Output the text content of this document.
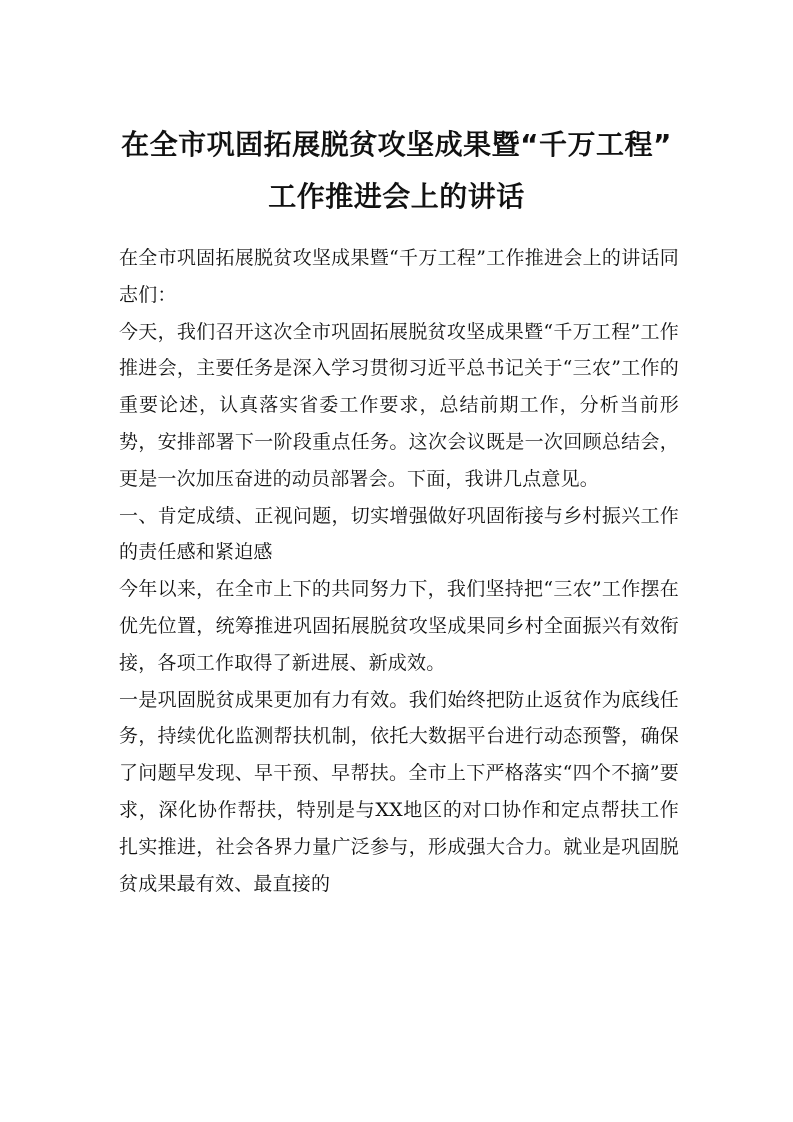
在全市巩固拓展脱贫攻坚成果暨“千万工程”
工作推进会上的讲话

在全市巩固拓展脱贫攻坚成果暨“千万工程”工作推进会上的讲话同志们：

今天，我们召开这次全市巩固拓展脱贫攻坚成果暨“千万工程”工作推进会，主要任务是深入学习贯彻习近平总书记关于“三农”工作的重要论述，认真落实省委工作要求，总结前期工作，分析当前形势，安排部署下一阶段重点任务。这次会议既是一次回顾总结会，更是一次加压奋进的动员部署会。下面，我讲几点意见。

一、肯定成绩、正视问题，切实增强做好巩固衔接与乡村振兴工作的责任感和紧迫感

今年以来，在全市上下的共同努力下，我们坚持把“三农”工作摆在优先位置，统筹推进巩固拓展脱贫攻坚成果同乡村全面振兴有效衔接，各项工作取得了新进展、新成效。

一是巩固脱贫成果更加有力有效。我们始终把防止返贫作为底线任务，持续优化监测帮扶机制，依托大数据平台进行动态预警，确保了问题早发现、早干预、早帮扶。全市上下严格落实“四个不摘”要求，深化协作帮扶，特别是与XX地区的对口协作和定点帮扶工作扎实推进，社会各界力量广泛参与，形成强大合力。就业是巩固脱贫成果最有效、最直接的
